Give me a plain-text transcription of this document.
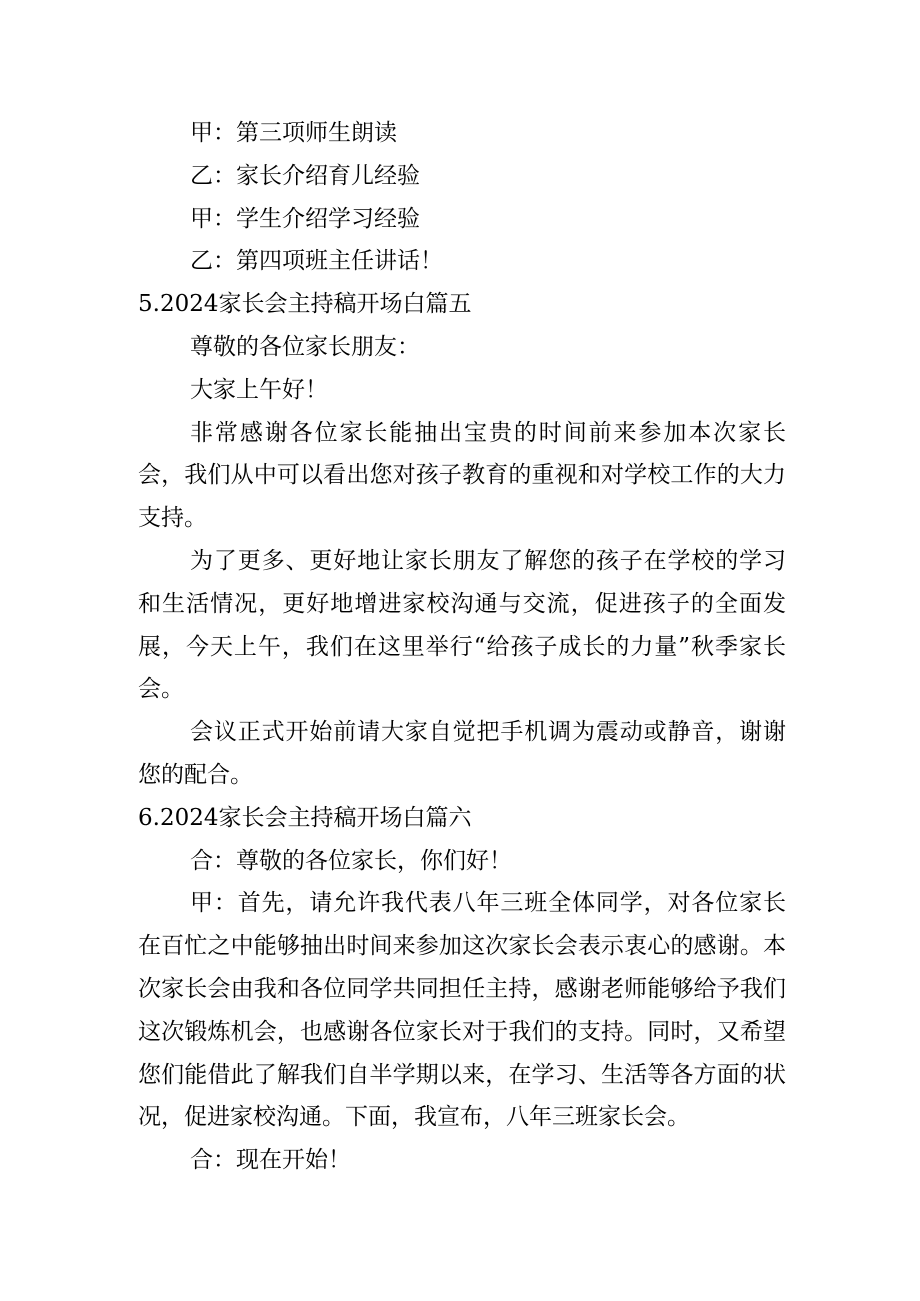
甲：第三项师生朗读
乙：家长介绍育儿经验
甲：学生介绍学习经验
乙：第四项班主任讲话！
5.2024家长会主持稿开场白篇五
尊敬的各位家长朋友：
大家上午好！

非常感谢各位家长能抽出宝贵的时间前来参加本次家长会，我们从中可以看出您对孩子教育的重视和对学校工作的大力支持。

为了更多、更好地让家长朋友了解您的孩子在学校的学习和生活情况，更好地增进家校沟通与交流，促进孩子的全面发展，今天上午，我们在这里举行“给孩子成长的力量”秋季家长会。

会议正式开始前请大家自觉把手机调为震动或静音，谢谢您的配合。

6.2024家长会主持稿开场白篇六
合：尊敬的各位家长，你们好！

甲：首先，请允许我代表八年三班全体同学，对各位家长在百忙之中能够抽出时间来参加这次家长会表示衷心的感谢。本次家长会由我和各位同学共同担任主持，感谢老师能够给予我们这次锻炼机会，也感谢各位家长对于我们的支持。同时，又希望您们能借此了解我们自半学期以来，在学习、生活等各方面的状况，促进家校沟通。下面，我宣布，八年三班家长会。

合：现在开始！
